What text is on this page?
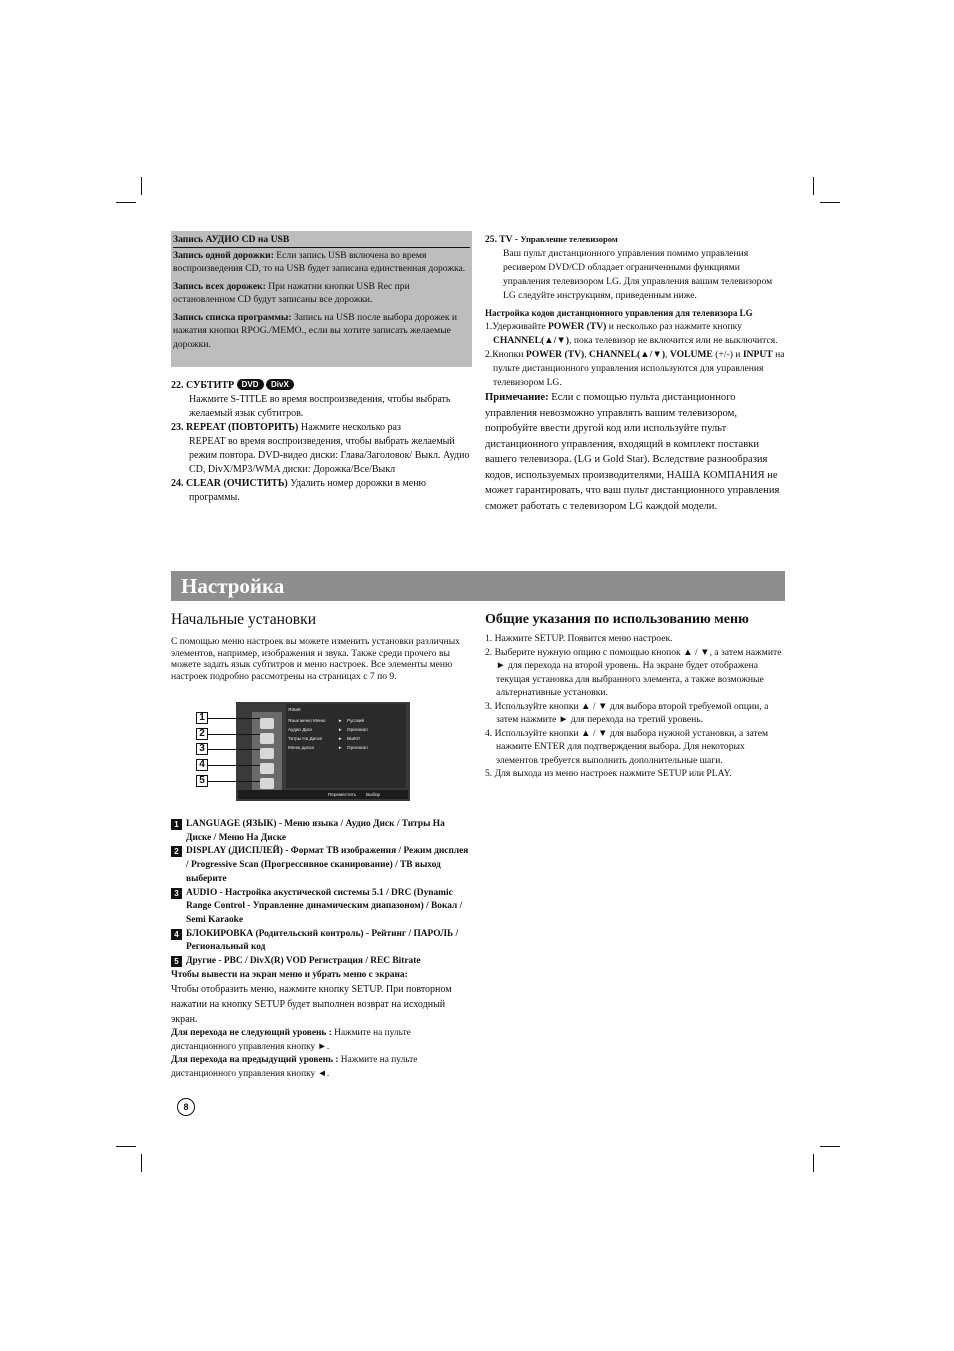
Запись АУДИО CD на USB

Запись одной дорожки: Если запись USB включена во время воспроизведения CD, то на USB будет записана единственная дорожка.

Запись всех дорожек: При нажатии кнопки USB Rec при остановленном CD будут записаны все дорожки.

Запись списка программы: Запись на USB после выбора дорожек и нажатия кнопки RPOG./MEMO., если вы хотите записать желаемые дорожки.

22. СУБТИТР DVD DivX
Нажмите S-TITLE во время воспроизведения, чтобы выбрать желаемый язык субтитров.
23. REPEAT (ПОВТОРИТЬ) Нажмите несколько раз
REPEAT во время воспроизведения, чтобы выбрать желаемый режим повтора. DVD-видео диски: Глава/Заголовок/ Выкл. Аудио CD, DivX/MP3/WMA диски: Дорожка/Все/Выкл
24. CLEAR (ОЧИСТИТЬ) Удалить номер дорожки в меню
программы.
25. TV - Управление телевизором
Ваш пульт дистанционного управления помимо управления ресивером DVD/CD обладает ограниченными функциями управления телевизором LG. Для управления вашим телевизором LG следуйте инструкциям, приведенным ниже.
Настройка кодов дистанционного управления для телевизора LG
1.Удерживайте POWER (TV) и несколько раз нажмите кнопку CHANNEL(▲/▼), пока телевизор не включится или не выключится.
2.Кнопки POWER (TV), CHANNEL(▲/▼), VOLUME (+/-) и INPUT на пульте дистанционного управления используются для управления телевизором LG.
Примечание: Если с помощью пульта дистанционного управления невозможно управлять вашим телевизором, попробуйте ввести другой код или используйте пульт дистанционного управления, входящий в комплект поставки вашего телевизора. (LG и Gold Star). Вследствие разнообразия кодов, используемых производителями, НАША КОМПАНИЯ не может гарантировать, что ваш пульт дистанционного управления сможет работать с телевизором LG каждой модели.
Настройка
Начальные установки
С помощью меню настроек вы можете изменить установки различных элементов, например, изображения и звука. Также среди прочего вы можете задать язык субтитров и меню настроек. Все элементы меню настроек подробно рассмотрены на страницах с 7 по 9.
ЯЗЫК
Язык меню Меню	Русский
Аудио Диск	Оригинал
Титры На Диске	ВЫКЛ
Меню диска	Оригинал
►
►
►
►
Переместить Выбор
1
2
3
4
5
1 LANGUAGE (ЯЗЫК) - Меню языка / Аудио Диск / Титры На Диске / Меню На Диске
2 DISPLAY (ДИСПЛЕЙ) - Формат ТВ изображения / Режим дисплея / Progressive Scan (Прогрессивное сканирование) / ТВ выход выберите
3 AUDIO - Настройка акустической системы 5.1 / DRC (Dynamic Range Control - Управление динамическим диапазоном) / Вокал / Semi Karaoke
4 БЛОКИРОВКА (Родительский контроль) - Рейтинг / ПАРОЛЬ / Региональный код
5 Другие - PBC / DivX(R) VOD Регистрация / REC Bitrate
Чтобы вывести на экран меню и убрать меню с экрана:
Чтобы отобразить меню, нажмите кнопку SETUP. При повторном нажатии на кнопку SETUP будет выполнен возврат на исходный экран.
Для перехода не следующий уровень : Нажмите на пульте дистанционного управления кнопку ►.
Для перехода на предыдущий уровень : Нажмите на пульте дистанционного управления кнопку ◄.
Общие указания по использованию меню
1. Нажмите SETUP. Появится меню настроек.
2. Выберите нужную опцию с помощью кнопок ▲ / ▼, а затем нажмите ► для перехода на второй уровень. На экране будет отображена текущая установка для выбранного элемента, а также возможные альтернативные установки.
3. Используйте кнопки ▲ / ▼ для выбора второй требуемой опции, а затем нажмите ► для перехода на третий уровень.
4. Используйте кнопки ▲ / ▼ для выбора нужной установки, а затем нажмите ENTER для подтверждения выбора. Для некоторых элементов требуется выполнить дополнительные шаги.
5. Для выхода из меню настроек нажмите SETUP или PLAY.
8
